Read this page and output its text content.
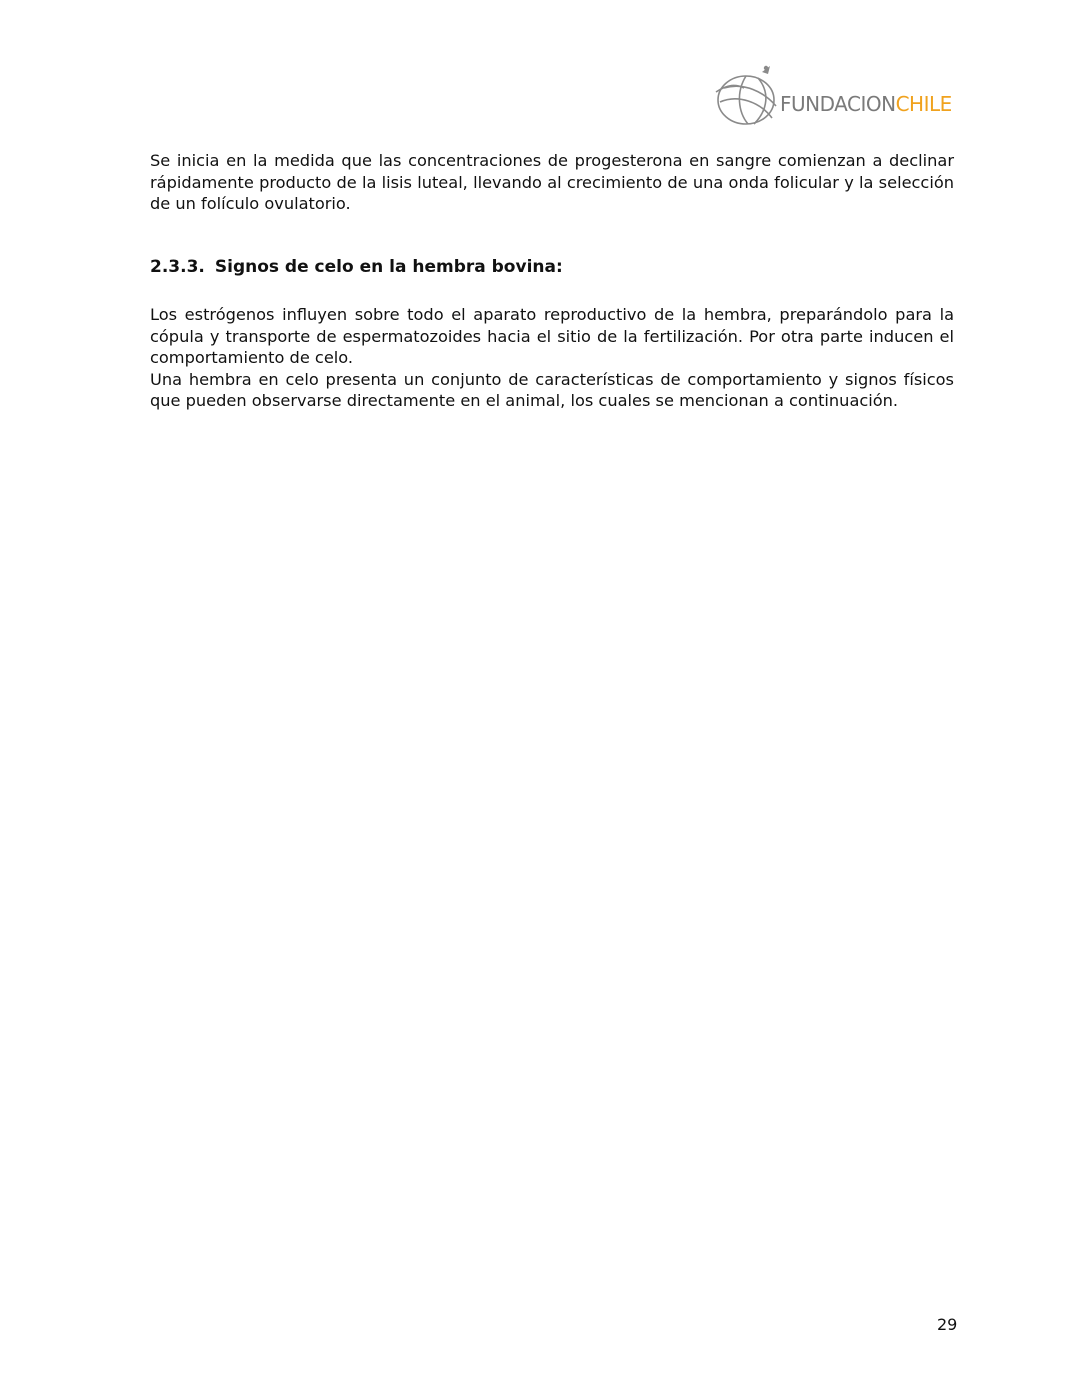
FUNDACIONCHILE

Se inicia en la medida que las concentraciones de progesterona en sangre comienzan a declinar rápidamente producto de la lisis luteal, llevando al crecimiento de una onda folicular y la selección de un folículo ovulatorio.

2.3.3. Signos de celo en la hembra bovina:

Los estrógenos influyen sobre todo el aparato reproductivo de la hembra, preparándolo para la cópula y transporte de espermatozoides hacia el sitio de la fertilización. Por otra parte inducen el comportamiento de celo.

Una hembra en celo presenta un conjunto de características de comportamiento y signos físicos que pueden observarse directamente en el animal, los cuales se mencionan a continuación.

29
